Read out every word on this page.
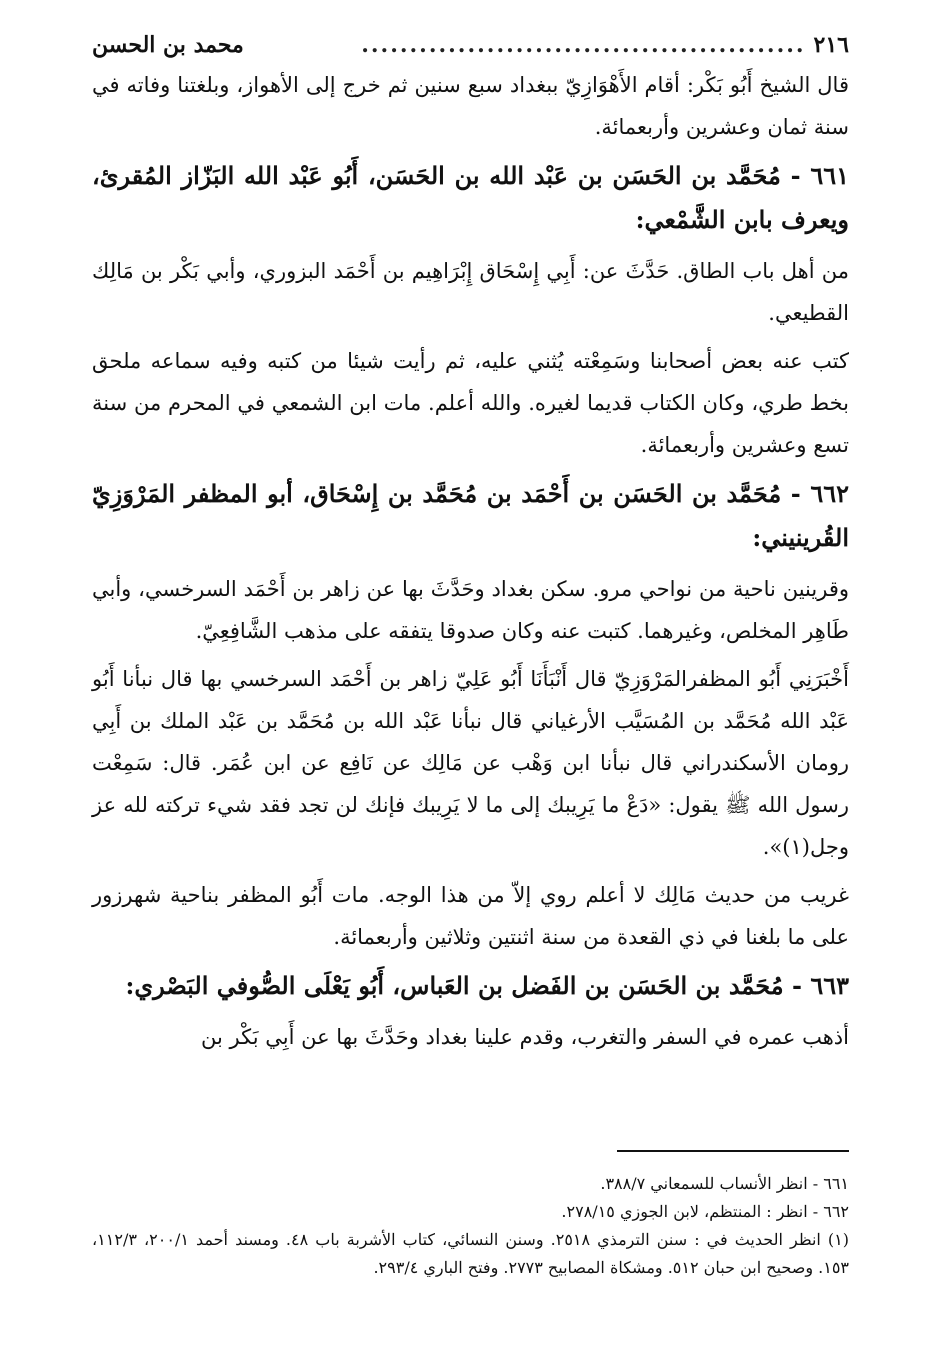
٢١٦
..............................................
محمد بن الحسن

قال الشيخ أَبُو بَكْر: أقام الأَهْوَازِيّ ببغداد سبع سنين ثم خرج إلى الأهواز، وبلغتنا وفاته في سنة ثمان وعشرين وأربعمائة.

٦٦١ - مُحَمَّد بن الحَسَن بن عَبْد الله بن الحَسَن، أَبُو عَبْد الله البَزّاز المُقرئ، ويعرف بابن الشَّمْعي:

من أهل باب الطاق. حَدَّثَ عن: أَبِي إِسْحَاق إِبْرَاهِيم بن أَحْمَد البزوري، وأبي بَكْر بن مَالِك القطيعي.

كتب عنه بعض أصحابنا وسَمِعْته يُثني عليه، ثم رأيت شيئا من كتبه وفيه سماعه ملحق بخط طري، وكان الكتاب قديما لغيره. والله أعلم. مات ابن الشمعي في المحرم من سنة تسع وعشرين وأربعمائة.

٦٦٢ - مُحَمَّد بن الحَسَن بن أَحْمَد بن مُحَمَّد بن إِسْحَاق، أبو المظفر المَرْوَزِيّ القُرينيني:

وقرينين ناحية من نواحي مرو. سكن بغداد وحَدَّثَ بها عن زاهر بن أَحْمَد السرخسي، وأبي طَاهِر المخلص، وغيرهما. كتبت عنه وكان صدوقا يتفقه على مذهب الشَّافِعِيّ.

أَخْبَرَنِي أَبُو المظفرالمَرْوَزِيّ قال أَنْبَأَنَا أَبُو عَلِيّ زاهر بن أَحْمَد السرخسي بها قال نبأنا أَبُو عَبْد الله مُحَمَّد بن المُسَيَّب الأرغياني قال نبأنا عَبْد الله بن مُحَمَّد بن عَبْد الملك بن أَبِي رومان الأسكندراني قال نبأنا ابن وَهْب عن مَالِك عن نَافِع عن ابن عُمَر. قال: سَمِعْت رسول الله ﷺ يقول: «دَعْ ما يَرِيبك إلى ما لا يَرِيبك فإنك لن تجد فقد شيء تركته لله عز وجل(١)».

غريب من حديث مَالِك لا أعلم روي إلاّ من هذا الوجه. مات أَبُو المظفر بناحية شهرزور على ما بلغنا في ذي القعدة من سنة اثنتين وثلاثين وأربعمائة.

٦٦٣ - مُحَمَّد بن الحَسَن بن الفَضل بن العَباس، أَبُو يَعْلَى الصُّوفي البَصْري:

أذهب عمره في السفر والتغرب، وقدم علينا بغداد وحَدَّثَ بها عن أَبِي بَكْر بن

٦٦١ - انظر الأنساب للسمعاني ٣٨٨/٧.

٦٦٢ - انظر : المنتظم، لابن الجوزي ٢٧٨/١٥.

(١) انظر الحديث في : سنن الترمذي ٢٥١٨. وسنن النسائي، كتاب الأشربة باب ٤٨. ومسند أحمد ٢٠٠/١، ١١٢/٣، ١٥٣. وصحيح ابن حبان ٥١٢. ومشكاة المصابيح ٢٧٧٣. وفتح الباري ٢٩٣/٤.
